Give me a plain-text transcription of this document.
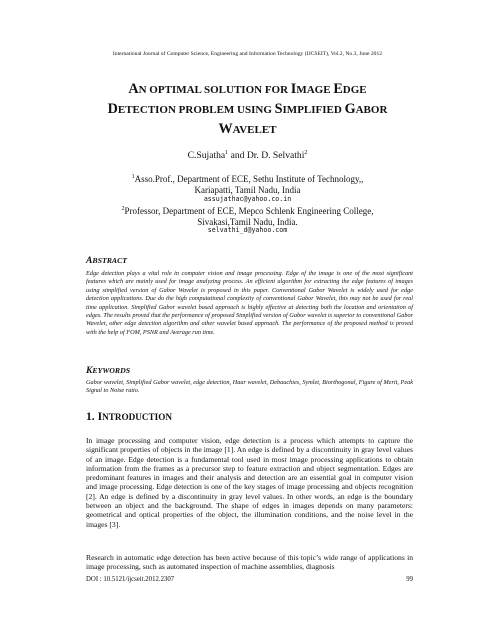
International Journal of Computer Science, Engineering and Information Technology (IJCSEIT), Vol.2, No.3, June 2012
AN OPTIMAL SOLUTION FOR IMAGE EDGE
DETECTION PROBLEM USING SIMPLIFIED GABOR
WAVELET
C.Sujatha$^1$ and Dr. D. Selvathi$^2$
$^1$Asso.Prof., Department of ECE, Sethu Institute of Technology,,
Kariapatti, Tamil Nadu, India
assujathac@yahoo.co.in
$^2$Professor, Department of ECE, Mepco Schlenk Engineering College,
Sivakasi,Tamil Nadu, India.
selvathi_d@yahoo.com
ABSTRACT
Edge detection plays a vital role in computer vision and image processing. Edge of the image is one of the most significant features which are mainly used for image analyzing process. An efficient algorithm for extracting the edge features of images using simplified version of Gabor Wavelet is proposed in this paper. Conventional Gabor Wavelet is widely used for edge detection applications. Due do the high computational complexity of conventional Gabor Wavelet, this may not be used for real time application. Simplified Gabor wavelet based approach is highly effective at detecting both the location and orientation of edges. The results proved that the performance of proposed Simplified version of Gabor wavelet is superior to conventional Gabor Wavelet, other edge detection algorithm and other wavelet based approach. The performance of the proposed method is proved with the help of FOM, PSNR and Average run time.
KEYWORDS
Gabor wavelet, Simplified Gabor wavelet, edge detection, Haar wavelet, Debauchies, Symlet, Biorthogonal, Figure of Merit, Peak Signal to Noise ratio.
1. INTRODUCTION
In image processing and computer vision, edge detection is a process which attempts to capture the significant properties of objects in the image [1]. An edge is defined by a discontinuity in gray level values of an image. Edge detection is a fundamental tool used in most image processing applications to obtain information from the frames as a precursor step to feature extraction and object segmentation. Edges are predominant features in images and their analysis and detection are an essential goal in computer vision and image processing. Edge detection is one of the key stages of image processing and objects recognition [2]. An edge is defined by a discontinuity in gray level values. In other words, an edge is the boundary between an object and the background. The shape of edges in images depends on many parameters: geometrical and optical properties of the object, the illumination conditions, and the noise level in the images [3].
Research in automatic edge detection has been active because of this topic’s wide range of applications in image processing, such as automated inspection of machine assemblies, diagnosis
DOI : 10.5121/ijcseit.2012.2307	99
